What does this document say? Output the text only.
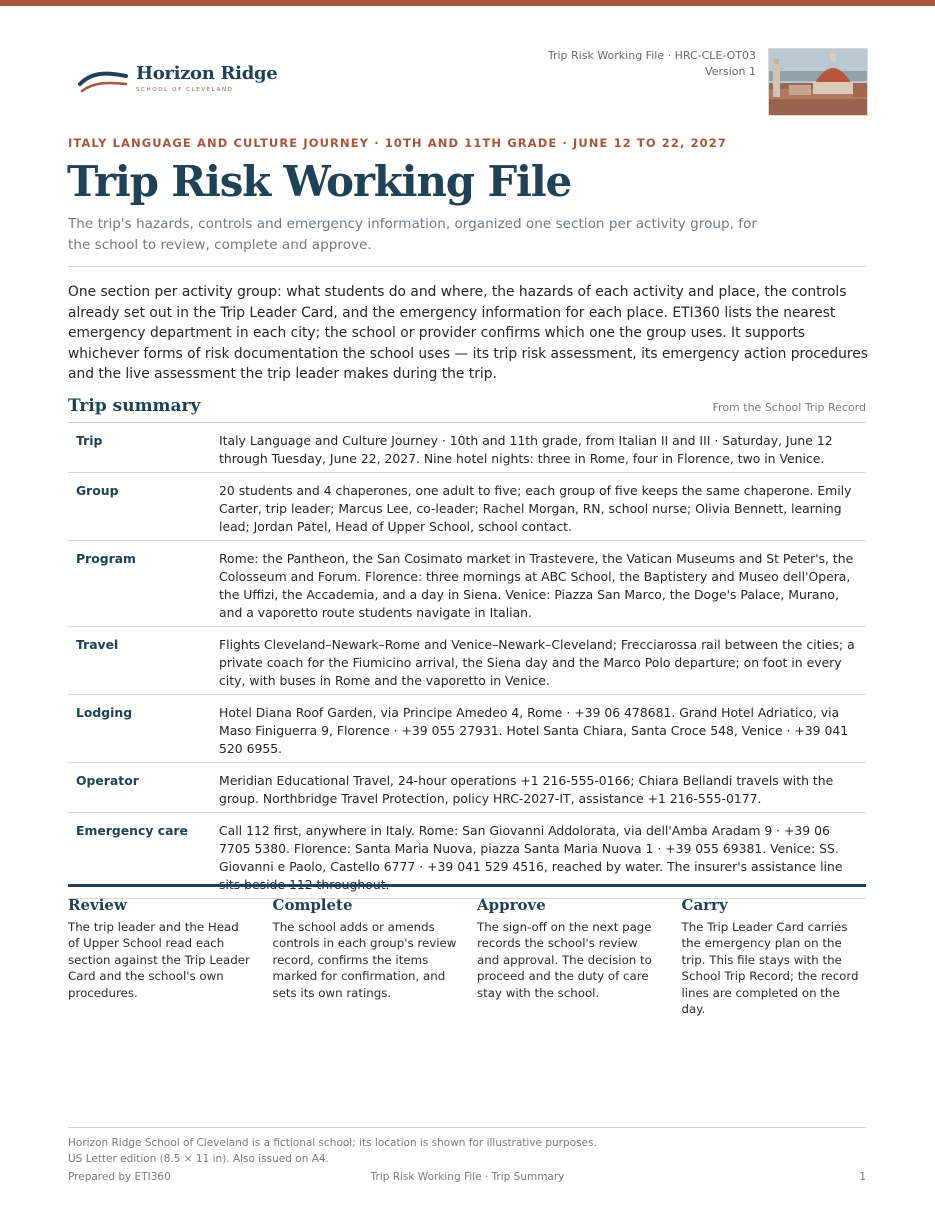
Horizon Ridge
SCHOOL OF CLEVELAND
Trip Risk Working File · HRC-CLE-OT03
Version 1
ITALY LANGUAGE AND CULTURE JOURNEY · 10TH AND 11TH GRADE · JUNE 12 TO 22, 2027
Trip Risk Working File
The trip's hazards, controls and emergency information, organized one section per activity group, for the school to review, complete and approve.
One section per activity group: what students do and where, the hazards of each activity and place, the controls already set out in the Trip Leader Card, and the emergency information for each place. ETI360 lists the nearest emergency department in each city; the school or provider confirms which one the group uses. It supports whichever forms of risk documentation the school uses — its trip risk assessment, its emergency action procedures and the live assessment the trip leader makes during the trip.
Trip summary	From the School Trip Record
Trip	Italy Language and Culture Journey · 10th and 11th grade, from Italian II and III · Saturday, June 12 through Tuesday, June 22, 2027. Nine hotel nights: three in Rome, four in Florence, two in Venice.
Group	20 students and 4 chaperones, one adult to five; each group of five keeps the same chaperone. Emily Carter, trip leader; Marcus Lee, co-leader; Rachel Morgan, RN, school nurse; Olivia Bennett, learning lead; Jordan Patel, Head of Upper School, school contact.
Program	Rome: the Pantheon, the San Cosimato market in Trastevere, the Vatican Museums and St Peter's, the Colosseum and Forum. Florence: three mornings at ABC School, the Baptistery and Museo dell'Opera, the Uffizi, the Accademia, and a day in Siena. Venice: Piazza San Marco, the Doge's Palace, Murano, and a vaporetto route students navigate in Italian.
Travel	Flights Cleveland–Newark–Rome and Venice–Newark–Cleveland; Frecciarossa rail between the cities; a private coach for the Fiumicino arrival, the Siena day and the Marco Polo departure; on foot in every city, with buses in Rome and the vaporetto in Venice.
Lodging	Hotel Diana Roof Garden, via Principe Amedeo 4, Rome · +39 06 478681. Grand Hotel Adriatico, via Maso Finiguerra 9, Florence · +39 055 27931. Hotel Santa Chiara, Santa Croce 548, Venice · +39 041 520 6955.
Operator	Meridian Educational Travel, 24-hour operations +1 216-555-0166; Chiara Bellandi travels with the group. Northbridge Travel Protection, policy HRC-2027-IT, assistance +1 216-555-0177.
Emergency care	Call 112 first, anywhere in Italy. Rome: San Giovanni Addolorata, via dell'Amba Aradam 9 · +39 06 7705 5380. Florence: Santa Maria Nuova, piazza Santa Maria Nuova 1 · +39 055 69381. Venice: SS. Giovanni e Paolo, Castello 6777 · +39 041 529 4516, reached by water. The insurer's assistance line
Review
The trip leader and the Head of Upper School read each section against the Trip Leader Card and the school's own procedures.
Complete
The school adds or amends controls in each group's review record, confirms the items marked for confirmation, and sets its own ratings.
Approve
The sign-off on the next page records the school's review and approval. The decision to proceed and the duty of care stay with the school.
Carry
The Trip Leader Card carries the emergency plan on the trip. This file stays with the School Trip Record; the record lines are completed on the day.
Horizon Ridge School of Cleveland is a fictional school; its location is shown for illustrative purposes.
US Letter edition (8.5 × 11 in). Also issued on A4.
Prepared by ETI360	Trip Risk Working File · Trip Summary	1
